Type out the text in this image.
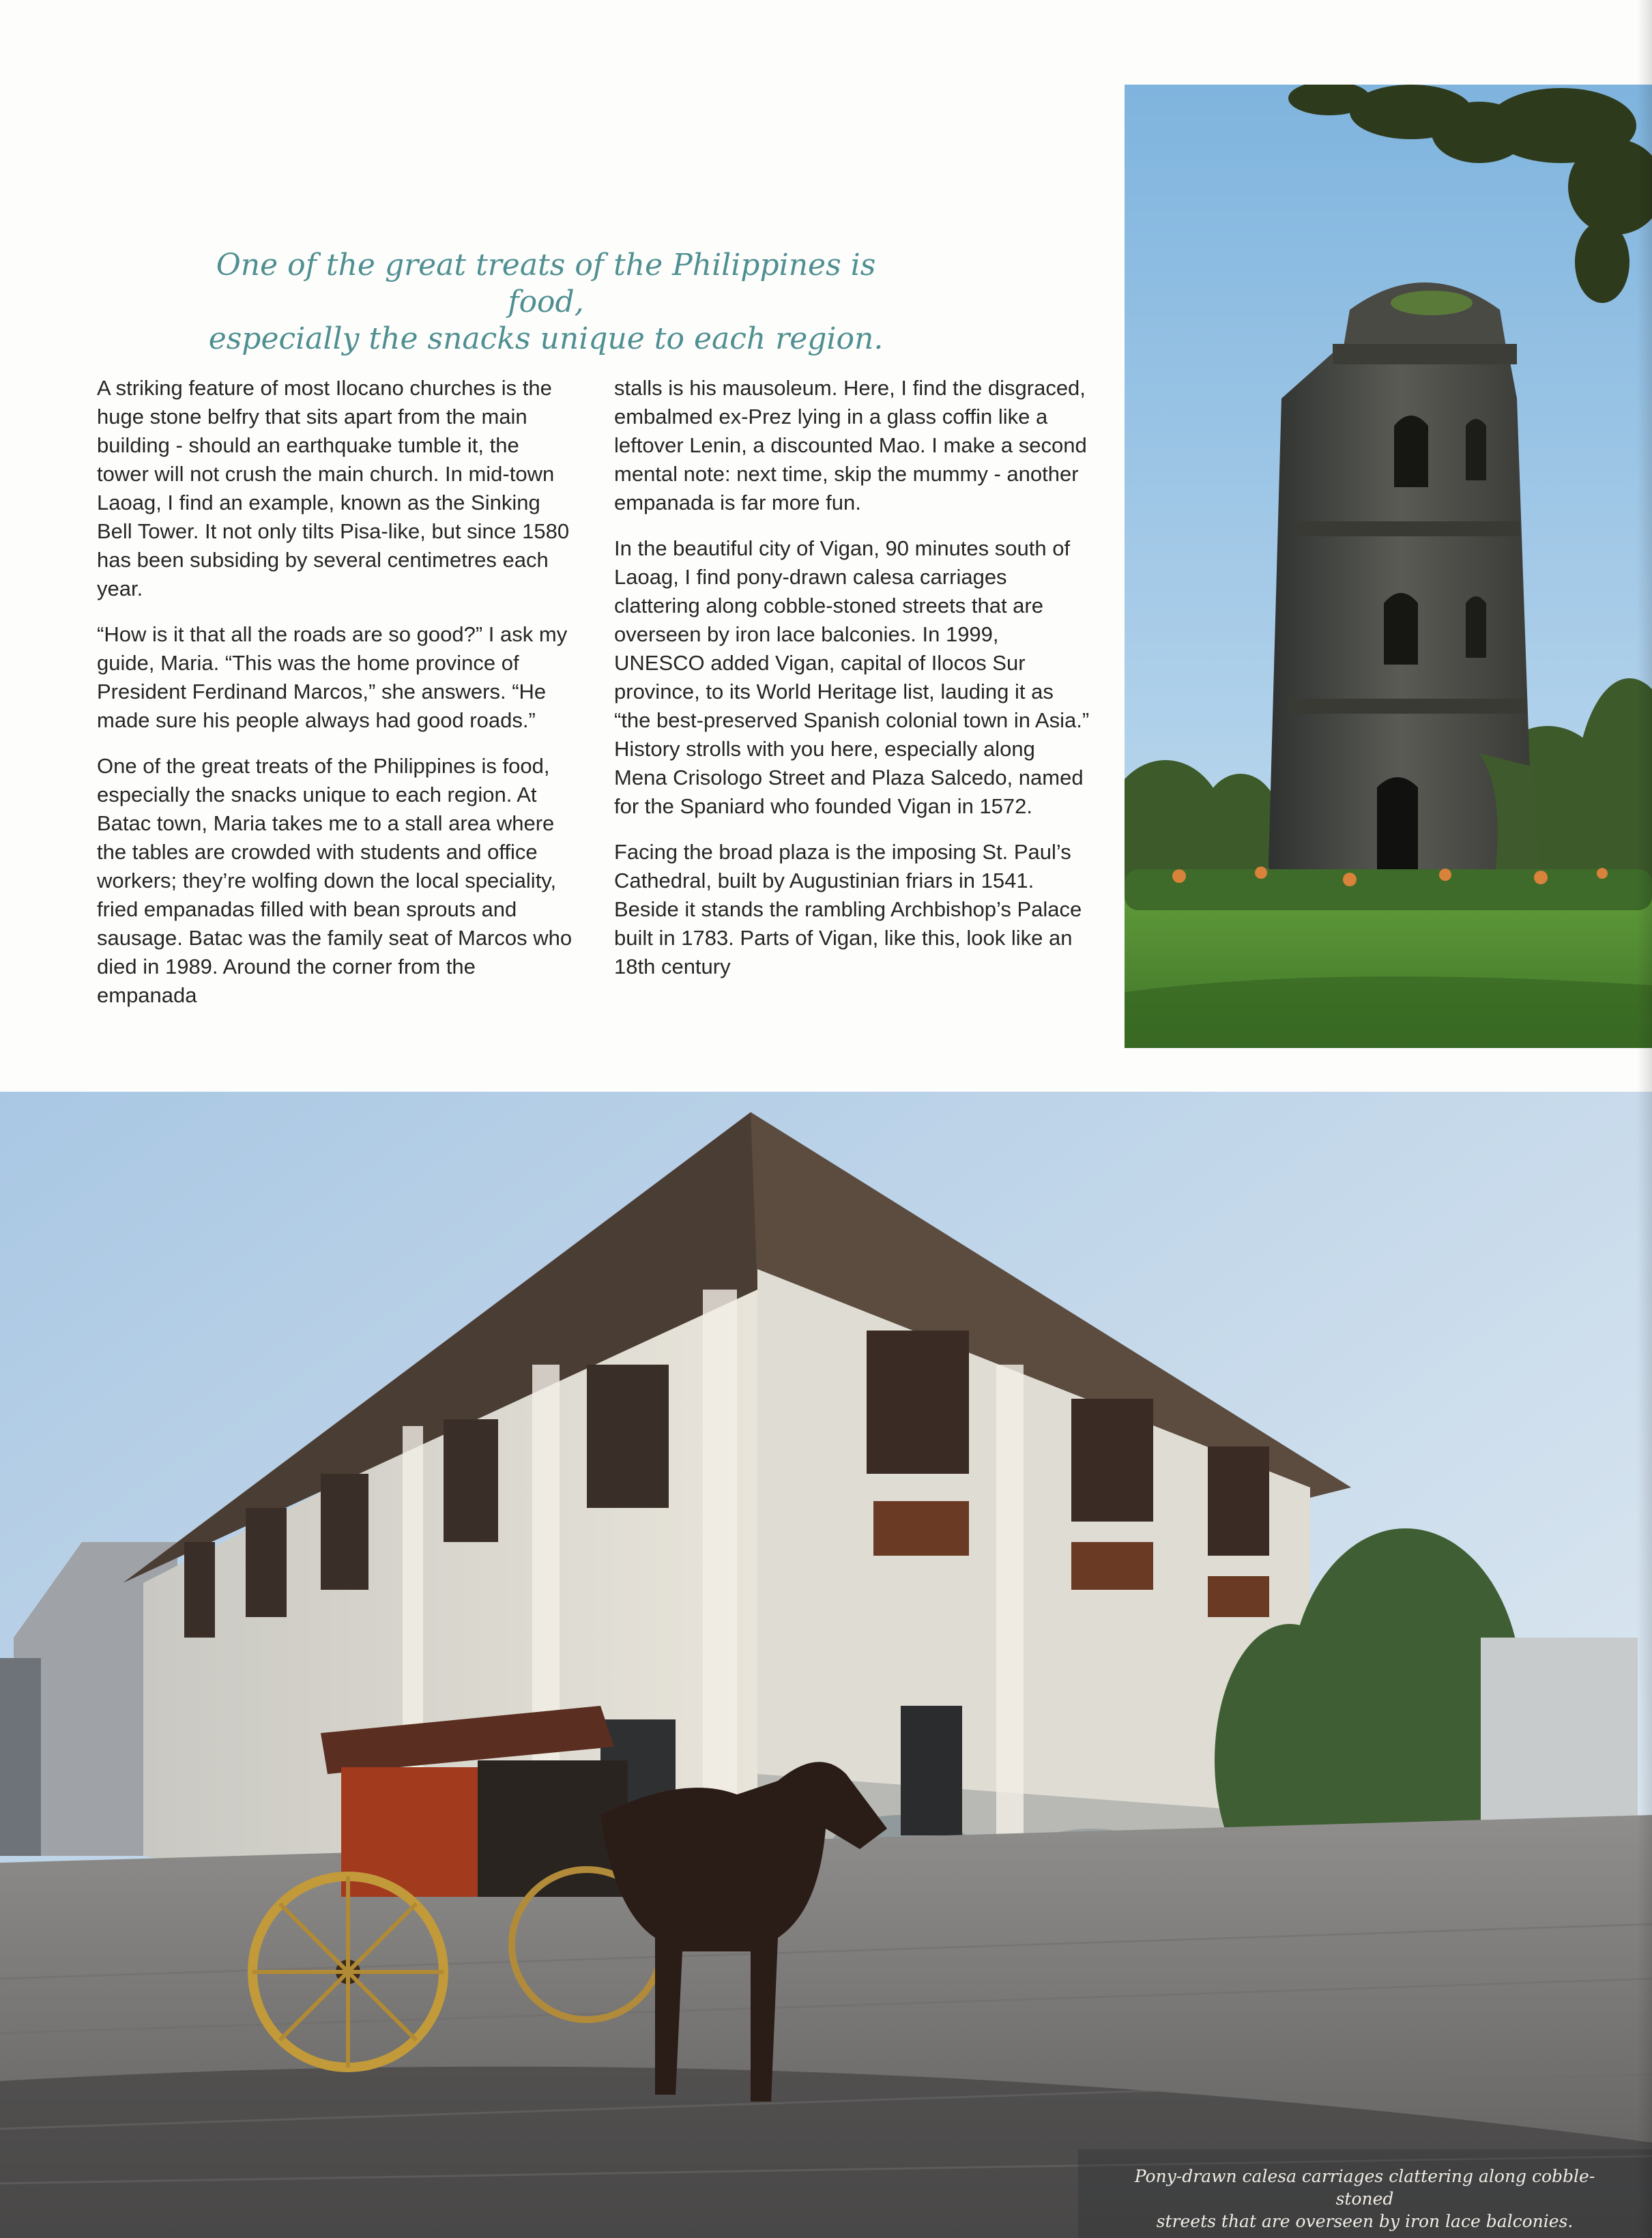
One of the great treats of the Philippines is food,
especially the snacks unique to each region.

A striking feature of most Ilocano churches is the huge stone belfry that sits apart from the main building - should an earthquake tumble it, the tower will not crush the main church. In mid-town Laoag, I find an example, known as the Sinking Bell Tower. It not only tilts Pisa-like, but since 1580 has been subsiding by several centimetres each year.

“How is it that all the roads are so good?” I ask my guide, Maria. “This was the home province of President Ferdinand Marcos,” she answers. “He made sure his people always had good roads.”

One of the great treats of the Philippines is food, especially the snacks unique to each region. At Batac town, Maria takes me to a stall area where the tables are crowded with students and office workers; they’re wolfing down the local speciality, fried empanadas filled with bean sprouts and sausage. Batac was the family seat of Marcos who died in 1989. Around the corner from the empanada

stalls is his mausoleum. Here, I find the disgraced, embalmed ex-Prez lying in a glass coffin like a leftover Lenin, a discounted Mao. I make a second mental note: next time, skip the mummy - another empanada is far more fun.

In the beautiful city of Vigan, 90 minutes south of Laoag, I find pony-drawn calesa carriages clattering along cobble-stoned streets that are overseen by iron lace balconies. In 1999, UNESCO added Vigan, capital of Ilocos Sur province, to its World Heritage list, lauding it as “the best-preserved Spanish colonial town in Asia.” History strolls with you here, especially along Mena Crisologo Street and Plaza Salcedo, named for the Spaniard who founded Vigan in 1572.

Facing the broad plaza is the imposing St. Paul’s Cathedral, built by Augustinian friars in 1541. Beside it stands the rambling Archbishop’s Palace built in 1783. Parts of Vigan, like this, look like an 18th century

Pony-drawn calesa carriages clattering along cobble-stoned
streets that are overseen by iron lace balconies.
